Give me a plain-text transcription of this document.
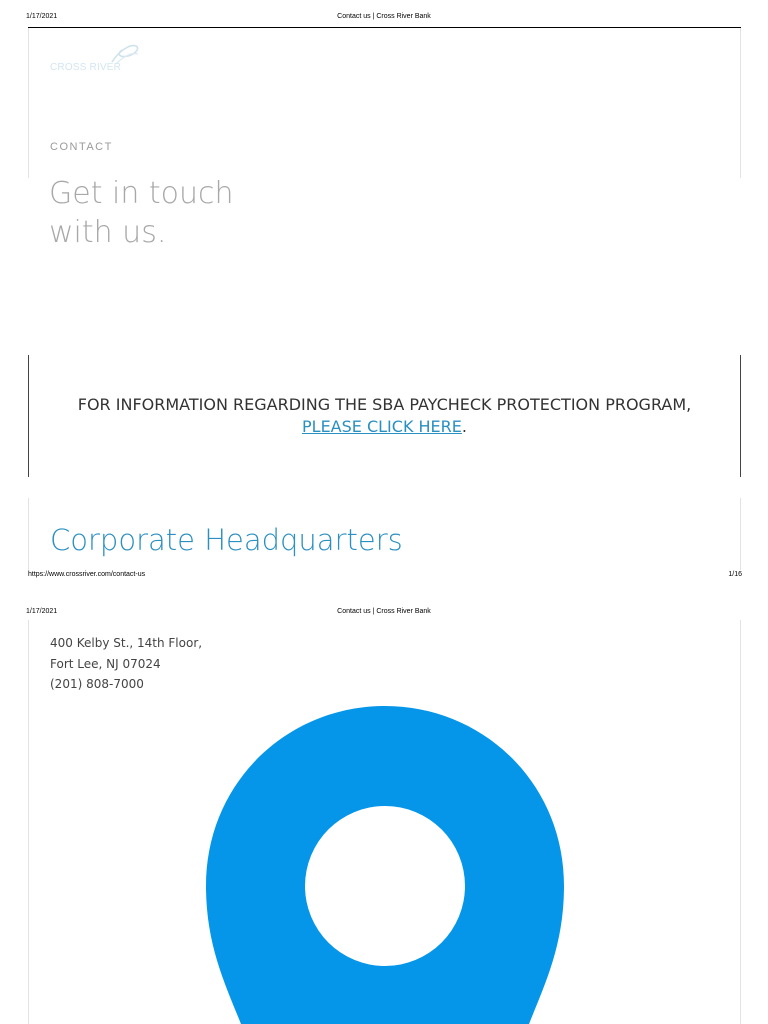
1/17/2021	Contact us | Cross River Bank
CROSS RIVER
CONTACT
Get in touch
with us.
FOR INFORMATION REGARDING THE SBA PAYCHECK PROTECTION PROGRAM,
PLEASE CLICK HERE.
Corporate Headquarters
https://www.crossriver.com/contact-us	1/16
1/17/2021	Contact us | Cross River Bank
400 Kelby St., 14th Floor,
Fort Lee, NJ 07024
(201) 808-7000
